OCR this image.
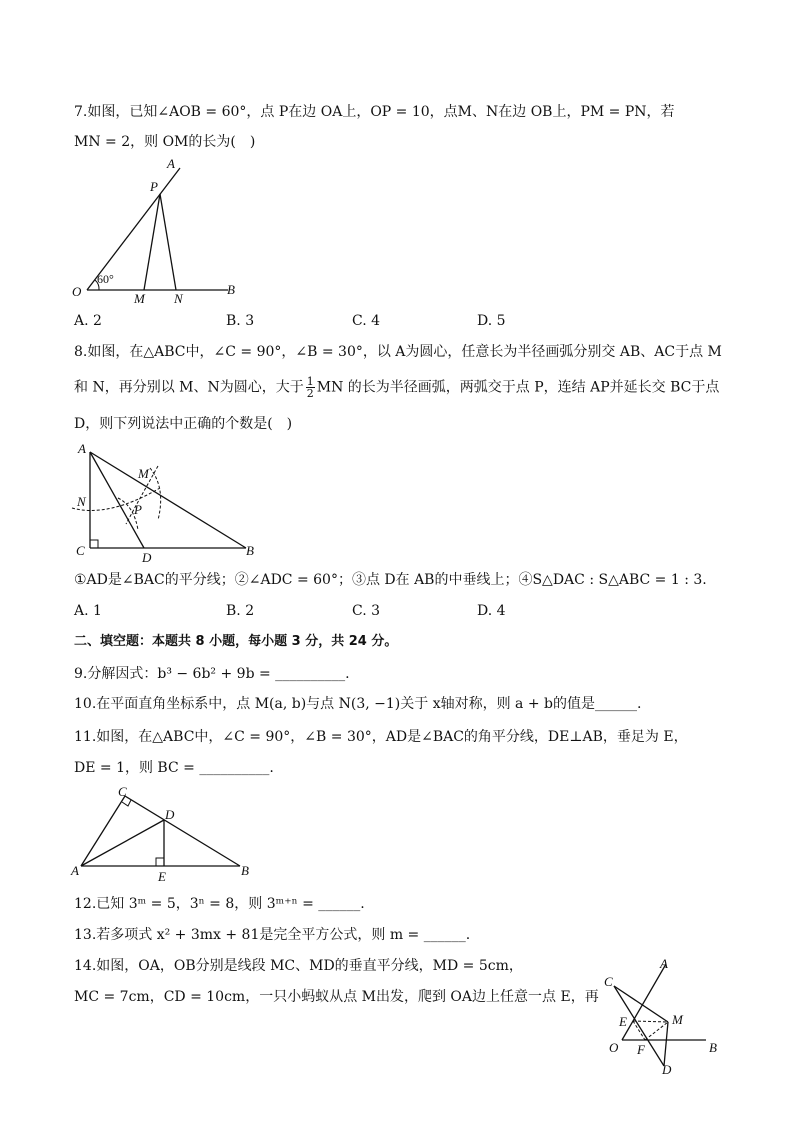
7.如图，已知∠AOB = 60°，点 P在边 OA上，OP = 10，点M、N在边 OB上，PM = PN，若
MN = 2，则 OM的长为(　)
A
P
O
60°
M N
B
A. 2	B. 3	C. 4	D. 5
8.如图，在△ABC中，∠C = 90°，∠B = 30°，以 A为圆心，任意长为半径画弧分别交 AB、AC于点 M
和 N，再分别以 M、N为圆心，大于 $\frac{1}{2}$ MN 的长为半径画弧，两弧交于点 P，连结 AP并延长交 BC于点
D，则下列说法中正确的个数是(　)
A
M
N
P
C	D	B
①AD是∠BAC的平分线；②∠ADC = 60°；③点 D在 AB的中垂线上；④S△DAC : S△ABC = 1 : 3.
A. 1	B. 2	C. 3	D. 4
二、填空题：本题共 8 小题，每小题 3 分，共 24 分。
9.分解因式：b³ − 6b² + 9b = __________.
10.在平面直角坐标系中，点 M(a, b)与点 N(3, −1)关于 x轴对称，则 a + b的值是______.
11.如图，在△ABC中，∠C = 90°，∠B = 30°，AD是∠BAC的角平分线，DE⊥AB，垂足为 E，
DE = 1，则 BC = __________.
C
D
A	E	B
12.已知 3ᵐ = 5，3ⁿ = 8，则 3ᵐ⁺ⁿ = ______.
13.若多项式 x² + 3mx + 81是完全平方公式，则 m = ______.
14.如图，OA，OB分别是线段 MC、MD的垂直平分线，MD = 5cm，
MC = 7cm，CD = 10cm，一只小蚂蚁从点 M出发，爬到 OA边上任意一点 E，再
C
A
E	M
O F	B
D
